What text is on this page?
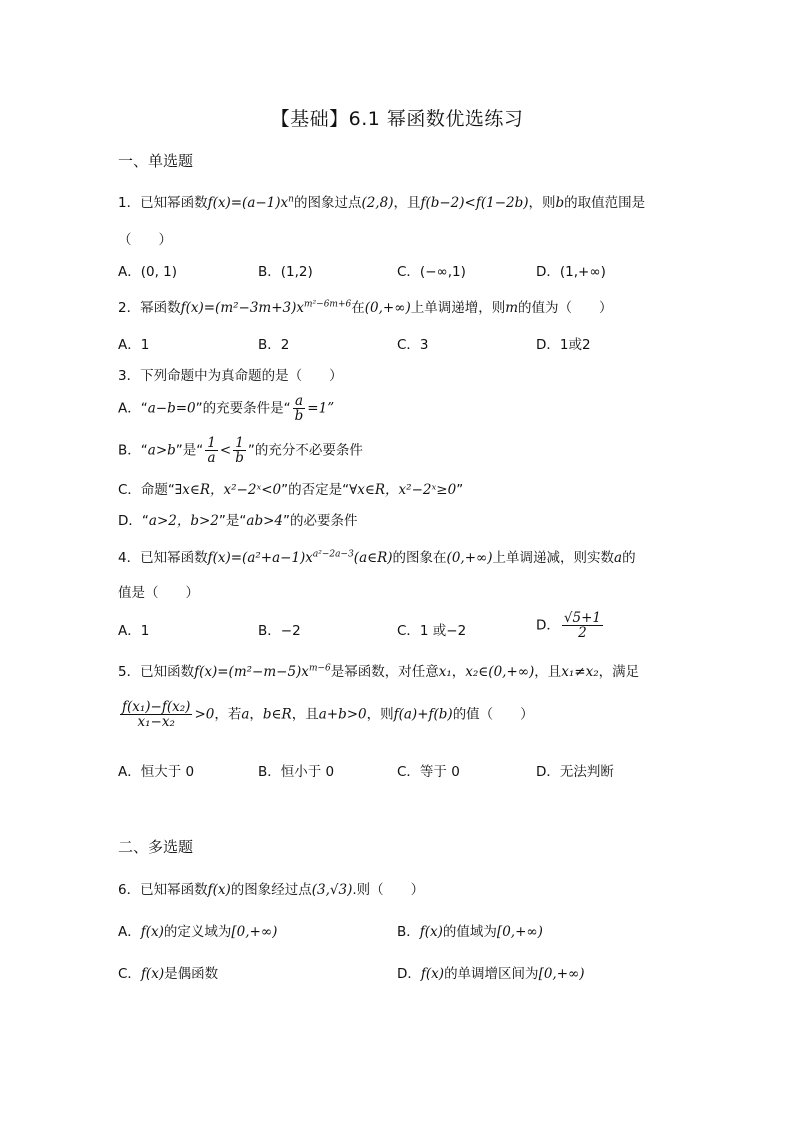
【基础】6.1 幂函数优选练习
一、单选题
1．已知幂函数$f(x)=(a-1)x^n$的图象过点(2,8)，且f(b−2)<f(1−2b)，则b的取值范围是
（　　）
A．(0, 1)	B．(1,2)	C．(−∞,1)	D．(1,+∞)
2．幂函数$f(x)=(m^2-3m+3)x^{m^2-6m+6}$在(0,+∞)上单调递增，则m的值为（　　）
A．1	B．2	C．3	D．1或2
3．下列命题中为真命题的是（　　）
A．“a−b=0”的充要条件是“ $\frac{a}{b} =1$”
B．“a>b”是“ $\frac{1}{a} < \frac{1}{b}$ ”的充分不必要条件
C．命题“∃x∈R，x²−2ˣ<0”的否定是“∀x∈R，x²−2ˣ≥0”
D．“a>2，b>2”是“ab>4”的必要条件
4．已知幂函数$f(x)=(a^2+a-1)x^{a^2-2a-3}(a\in R)$的图象在(0,+∞)上单调递减，则实数a的
值是（　　）
A．1	B．−2	C．1 或−2	D． $\frac{√5+1}{2}$
5．已知函数$f(x)=(m^2-m-5)x^{m-6}$是幂函数，对任意x₁，x₂∈(0,+∞)，且x₁≠x₂，满足
$\frac{\text{f(x₁)−f(x₂)}}{\text{x₁−x₂}} >0$，若a，b∈R，且a+b>0，则f(a)+f(b)的值（　　）
A．恒大于 0	B．恒小于 0	C．等于 0	D．无法判断
二、多选题
6．已知幂函数f(x)的图象经过点(3,√3).则（　　）
A．f(x)的定义域为[0,+∞)	B．f(x)的值域为[0,+∞)
C．f(x)是偶函数	D．f(x)的单调增区间为[0,+∞)
